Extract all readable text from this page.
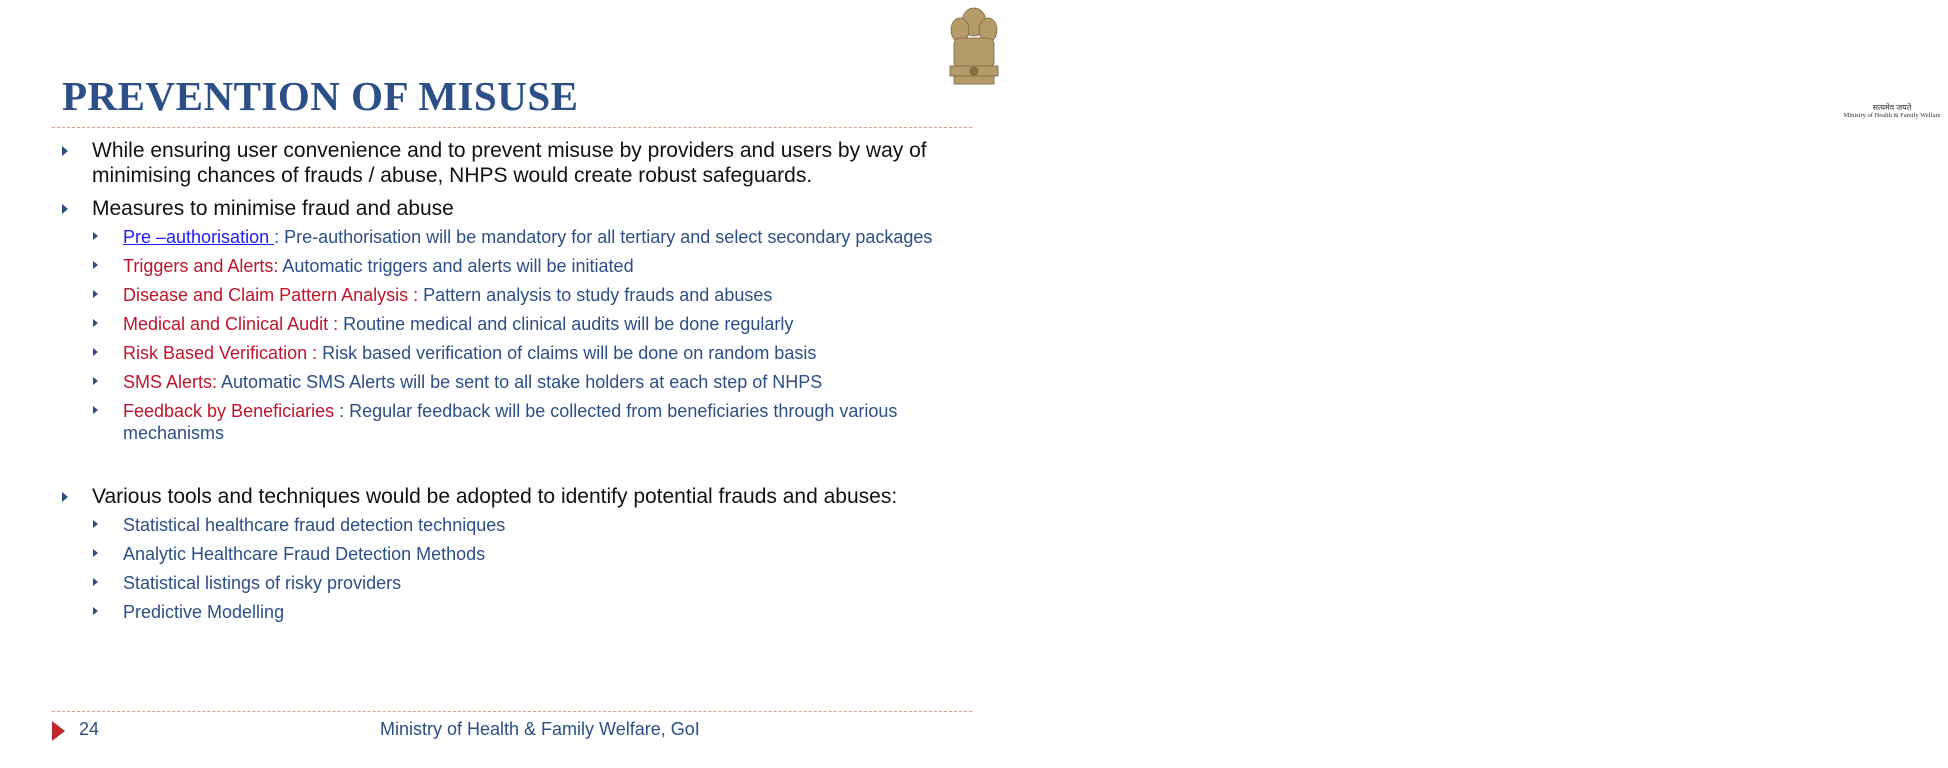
PREVENTION OF MISUSE	सत्यमेव जयते
Ministry of Health & Family Welfare
While ensuring user convenience and to prevent misuse by providers and users by way of minimising chances of frauds / abuse, NHPS would create robust safeguards.
Measures to minimise fraud and abuse
Pre –authorisation : Pre-authorisation will be mandatory for all tertiary and select secondary packages
Triggers and Alerts: Automatic triggers and alerts will be initiated
Disease and Claim Pattern Analysis : Pattern analysis to study frauds and abuses
Medical and Clinical Audit : Routine medical and clinical audits will be done regularly
Risk Based Verification : Risk based verification of claims will be done on random basis
SMS Alerts: Automatic SMS Alerts will be sent to all stake holders at each step of NHPS
Feedback by Beneficiaries : Regular feedback will be collected from beneficiaries through various mechanisms
Various tools and techniques would be adopted to identify potential frauds and abuses:
Statistical healthcare fraud detection techniques
Analytic Healthcare Fraud Detection Methods
Statistical listings of risky providers
Predictive Modelling
24	Ministry of Health & Family Welfare, GoI
